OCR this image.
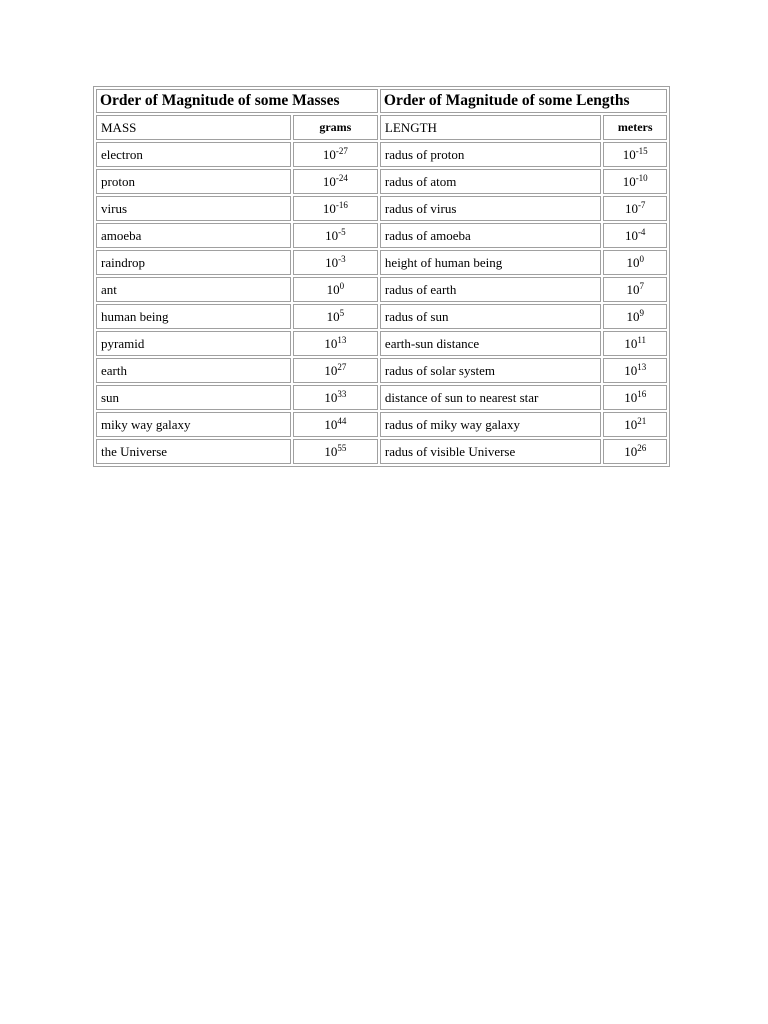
Order of Magnitude of some Masses		Order of Magnitude of some Lengths	
MASS	grams	LENGTH	meters
electron	$10^{-27}$	radus of proton	$10^{-15}$
proton	$10^{-24}$	radus of atom	$10^{-10}$
virus	$10^{-16}$	radus of virus	$10^{-7}$
amoeba	$10^{-5}$	radus of amoeba	$10^{-4}$
raindrop	$10^{-3}$	height of human being	$10^0$
ant	$10^0$	radus of earth	$10^7$
human being	$10^5$	radus of sun	$10^9$
pyramid	$10^{13}$	earth-sun distance	$10^{11}$
earth	$10^{27}$	radus of solar system	$10^{13}$
sun	$10^{33}$	distance of sun to nearest star	$10^{16}$
miky way galaxy	$10^{44}$	radus of miky way galaxy	$10^{21}$
the Universe	$10^{55}$	radus of visible Universe	$10^{26}$
